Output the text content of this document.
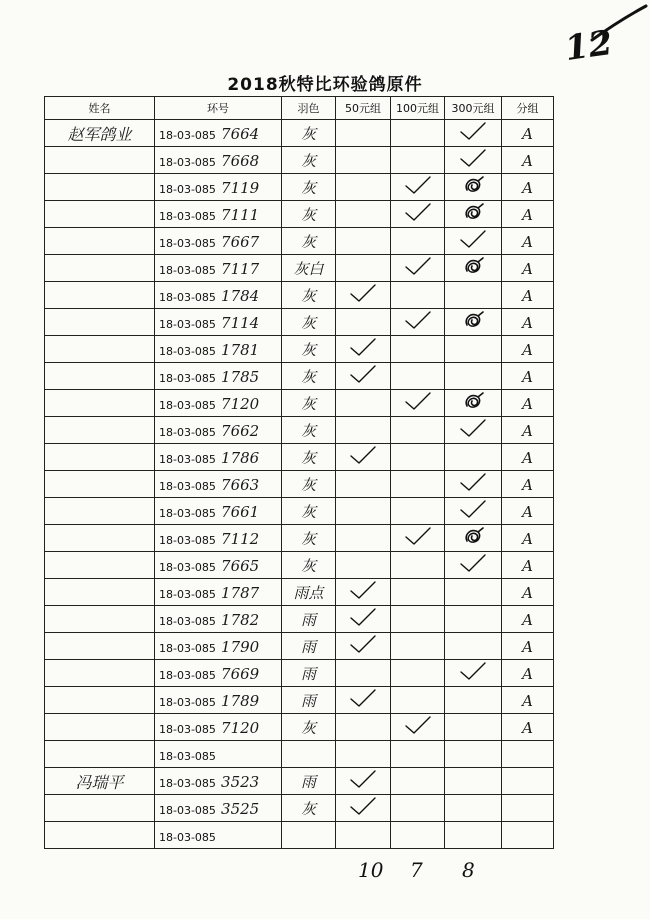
12
2018秋特比环验鸽原件
姓名	环号	羽色	50元组	100元组	300元组	分组
赵军鸽业	18-03-085 7664	灰				A
	18-03-085 7668	灰				A
	18-03-085 7119	灰				A
	18-03-085 7111	灰				A
	18-03-085 7667	灰				A
	18-03-085 7117	灰白				A
	18-03-085 1784	灰				A
	18-03-085 7114	灰				A
	18-03-085 1781	灰				A
	18-03-085 1785	灰				A
	18-03-085 7120	灰				A
	18-03-085 7662	灰				A
	18-03-085 1786	灰				A
	18-03-085 7663	灰				A
	18-03-085 7661	灰				A
	18-03-085 7112	灰				A
	18-03-085 7665	灰				A
	18-03-085 1787	雨点				A
	18-03-085 1782	雨				A
	18-03-085 1790	雨				A
	18-03-085 7669	雨				A
	18-03-085 1789	雨				A
	18-03-085 7120	灰				A
	18-03-085					
冯瑞平	18-03-085 3523	雨				
	18-03-085 3525	灰				
	18-03-085					
10 7 8
